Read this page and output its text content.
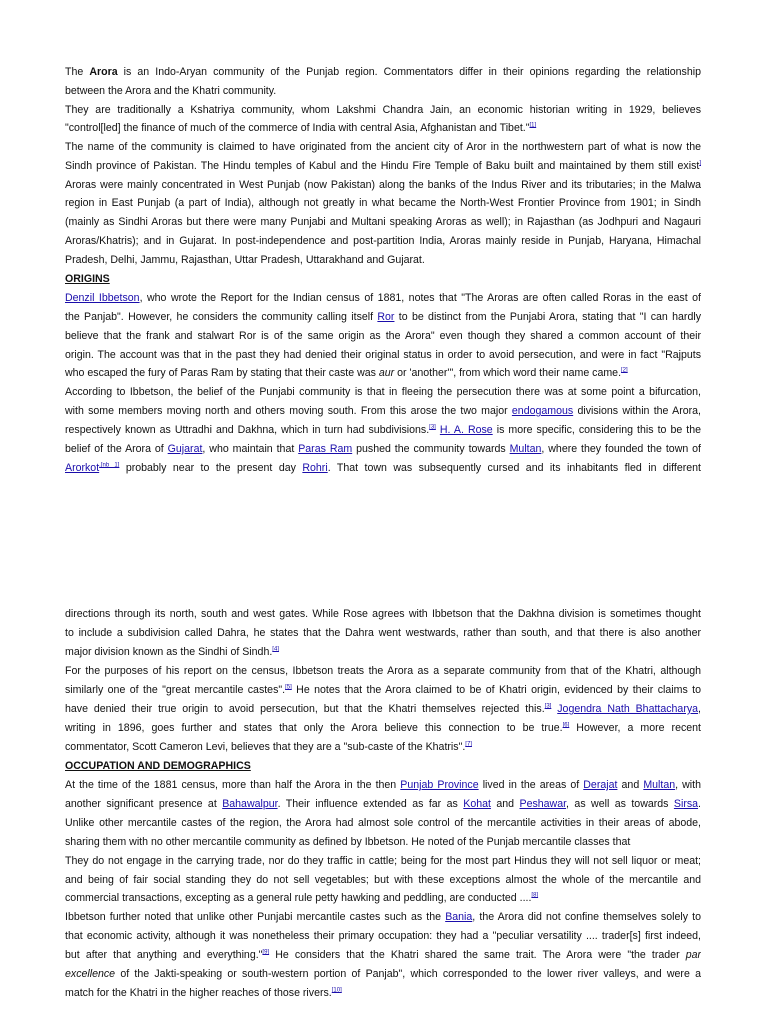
The Arora is an Indo-Aryan community of the Punjab region. Commentators differ in their opinions regarding the relationship
between the Arora and the Khatri community.
They are traditionally a Kshatriya community, whom Lakshmi Chandra Jain, an economic historian writing in 1929, believes
"control[led] the finance of much of the commerce of India with central Asia, Afghanistan and Tibet."[1]
The name of the community is claimed to have originated from the ancient city of Aror in the northwestern part of what is now the
Sindh province of Pakistan. The Hindu temples of Kabul and the Hindu Fire Temple of Baku built and maintained by them still exist]
Aroras were mainly concentrated in West Punjab (now Pakistan) along the banks of the Indus River and its tributaries; in the Malwa
region in East Punjab (a part of India), although not greatly in what became the North-West Frontier Province from 1901; in Sindh
(mainly as Sindhi Aroras but there were many Punjabi and Multani speaking Aroras as well); in Rajasthan (as Jodhpuri and Nagauri
Aroras/Khatris); and in Gujarat. In post-independence and post-partition India, Aroras mainly reside in Punjab, Haryana, Himachal
Pradesh, Delhi, Jammu, Rajasthan, Uttar Pradesh, Uttarakhand and Gujarat.
ORIGINS
Denzil Ibbetson, who wrote the Report for the Indian census of 1881, notes that "The Aroras are often called Roras in the east of
the Panjab". However, he considers the community calling itself Ror to be distinct from the Punjabi Arora, stating that "I can hardly
believe that the frank and stalwart Ror is of the same origin as the Arora" even though they shared a common account of their
origin. The account was that in the past they had denied their original status in order to avoid persecution, and were in fact "Rajputs
who escaped the fury of Paras Ram by stating that their caste was aur or 'another'", from which word their name came.[2]
According to Ibbetson, the belief of the Punjabi community is that in fleeing the persecution there was at some point a bifurcation,
with some members moving north and others moving south. From this arose the two major endogamous divisions within the Arora,
respectively known as Uttradhi and Dakhna, which in turn had subdivisions.[3] H. A. Rose is more specific, considering this to be the
belief of the Arora of Gujarat, who maintain that Paras Ram pushed the community towards Multan, where they founded the town of
Arorkot$^{.[nb 1]}$ probably near to the present day Rohri. That town was subsequently cursed and its inhabitants fled in different
directions through its north, south and west gates. While Rose agrees with Ibbetson that the Dakhna division is sometimes thought
to include a subdivision called Dahra, he states that the Dahra went westwards, rather than south, and that there is also another
major division known as the Sindhi of Sindh.[4]
For the purposes of his report on the census, Ibbetson treats the Arora as a separate community from that of the Khatri, although
similarly one of the "great mercantile castes".[5] He notes that the Arora claimed to be of Khatri origin, evidenced by their claims to
have denied their true origin to avoid persecution, but that the Khatri themselves rejected this.[3] Jogendra Nath Bhattacharya,
writing in 1896, goes further and states that only the Arora believe this connection to be true.[6] However, a more recent
commentator, Scott Cameron Levi, believes that they are a "sub-caste of the Khatris".[7]
OCCUPATION AND DEMOGRAPHICS
At the time of the 1881 census, more than half the Arora in the then Punjab Province lived in the areas of Derajat and Multan, with
another significant presence at Bahawalpur. Their influence extended as far as Kohat and Peshawar, as well as towards Sirsa.
Unlike other mercantile castes of the region, the Arora had almost sole control of the mercantile activities in their areas of abode,
sharing them with no other mercantile community as defined by Ibbetson. He noted of the Punjab mercantile classes that
They do not engage in the carrying trade, nor do they traffic in cattle; being for the most part Hindus they will not sell liquor or meat;
and being of fair social standing they do not sell vegetables; but with these exceptions almost the whole of the mercantile and
commercial transactions, excepting as a general rule petty hawking and peddling, are conducted ....[8]
Ibbetson further noted that unlike other Punjabi mercantile castes such as the Bania, the Arora did not confine themselves solely to
that economic activity, although it was nonetheless their primary occupation: they had a "peculiar versatility .... trader[s] first indeed,
but after that anything and everything."[9] He considers that the Khatri shared the same trait. The Arora were "the trader par
excellence of the Jakti-speaking or south-western portion of Panjab", which corresponded to the lower river valleys, and were a
match for the Khatri in the higher reaches of those rivers.[10]
